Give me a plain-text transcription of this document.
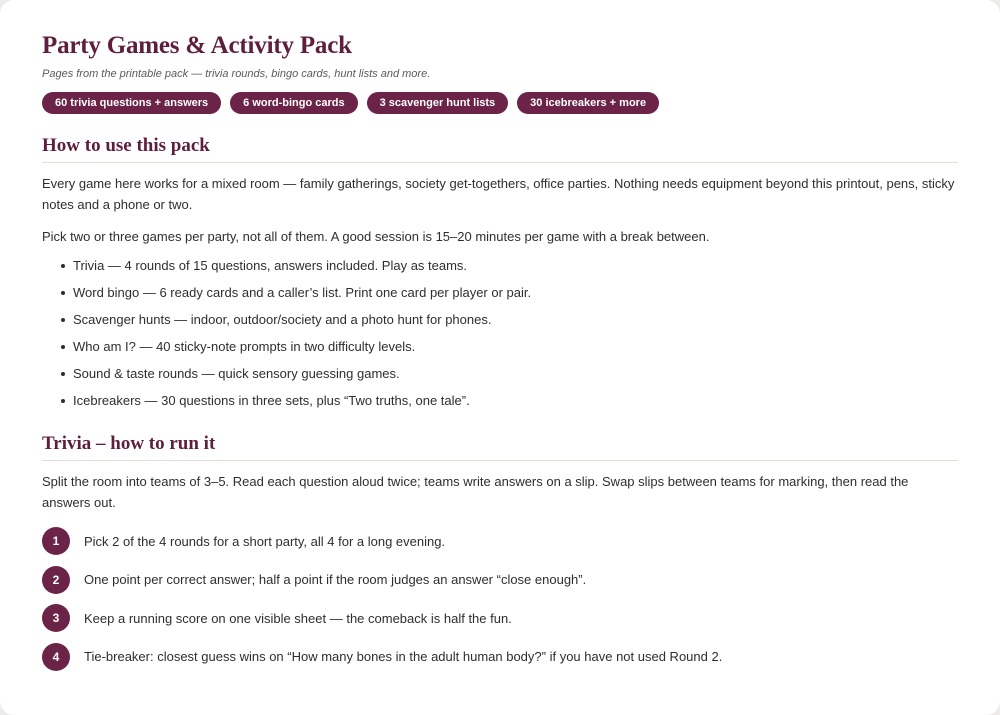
Party Games & Activity Pack
Pages from the printable pack — trivia rounds, bingo cards, hunt lists and more.
60 trivia questions + answers	6 word-bingo cards	3 scavenger hunt lists	30 icebreakers + more
How to use this pack

Every game here works for a mixed room — family gatherings, society get-togethers, office parties. Nothing needs equipment beyond this printout, pens, sticky notes and a phone or two.

Pick two or three games per party, not all of them. A good session is 15–20 minutes per game with a break between.

Trivia — 4 rounds of 15 questions, answers included. Play as teams.
Word bingo — 6 ready cards and a caller’s list. Print one card per player or pair.
Scavenger hunts — indoor, outdoor/society and a photo hunt for phones.
Who am I? — 40 sticky-note prompts in two difficulty levels.
Sound & taste rounds — quick sensory guessing games.
Icebreakers — 30 questions in three sets, plus “Two truths, one tale”.
Trivia – how to run it

Split the room into teams of 3–5. Read each question aloud twice; teams write answers on a slip. Swap slips between teams for marking, then read the answers out.

1	Pick 2 of the 4 rounds for a short party, all 4 for a long evening.
2	One point per correct answer; half a point if the room judges an answer “close enough”.
3	Keep a running score on one visible sheet — the comeback is half the fun.
4	Tie-breaker: closest guess wins on “How many bones in the adult human body?” if you have not used Round 2.
